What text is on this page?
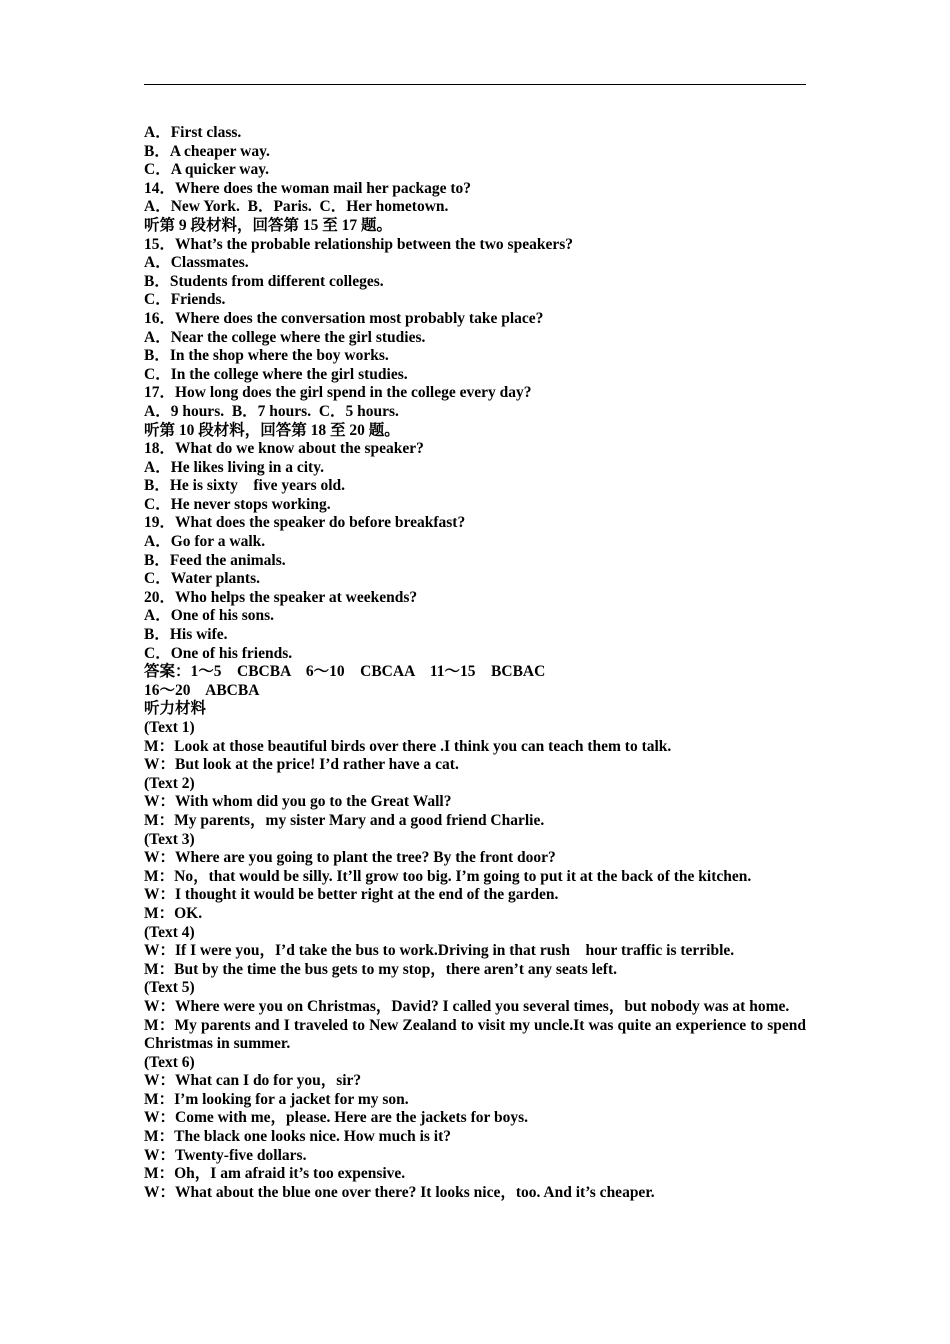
A．First class.
B．A cheaper way.
C．A quicker way.
14．Where does the woman mail her package to?
A．New York.  B．Paris.  C．Her hometown.
听第 9 段材料，回答第 15 至 17 题。
15．What’s the probable relationship between the two speakers?
A．Classmates.
B．Students from different colleges.
C．Friends.
16．Where does the conversation most probably take place?
A．Near the college where the girl studies.
B．In the shop where the boy works.
C．In the college where the girl studies.
17．How long does the girl spend in the college every day?
A．9 hours.  B．7 hours.  C．5 hours.
听第 10 段材料，回答第 18 至 20 题。
18．What do we know about the speaker?
A．He likes living in a city.
B．He is sixty    five years old.
C．He never stops working.
19．What does the speaker do before breakfast?
A．Go for a walk.
B．Feed the animals.
C．Water plants.
20．Who helps the speaker at weekends?
A．One of his sons.
B．His wife.
C．One of his friends.
答案：1～5    CBCBA    6～10    CBCAA    11～15    BCBAC
16～20    ABCBA
听力材料
(Text 1)
M：Look at those beautiful birds over there .I think you can teach them to talk.
W：But look at the price! I’d rather have a cat.
(Text 2)
W：With whom did you go to the Great Wall?
M：My parents，my sister Mary and a good friend Charlie.
(Text 3)
W：Where are you going to plant the tree? By the front door?
M：No，that would be silly. It’ll grow too big. I’m going to put it at the back of the kitchen.
W：I thought it would be better right at the end of the garden.
M：OK.
(Text 4)
W：If I were you，I’d take the bus to work.Driving in that rush    hour traffic is terrible.
M：But by the time the bus gets to my stop，there aren’t any seats left.
(Text 5)
W：Where were you on Christmas，David? I called you several times，but nobody was at home.
M：My parents and I traveled to New Zealand to visit my uncle.It was quite an experience to spend Christmas in summer.
(Text 6)
W：What can I do for you，sir?
M：I’m looking for a jacket for my son.
W：Come with me，please. Here are the jackets for boys.
M：The black one looks nice. How much is it?
W：Twenty-five dollars.
M：Oh，I am afraid it’s too expensive.
W：What about the blue one over there? It looks nice，too. And it’s cheaper.
